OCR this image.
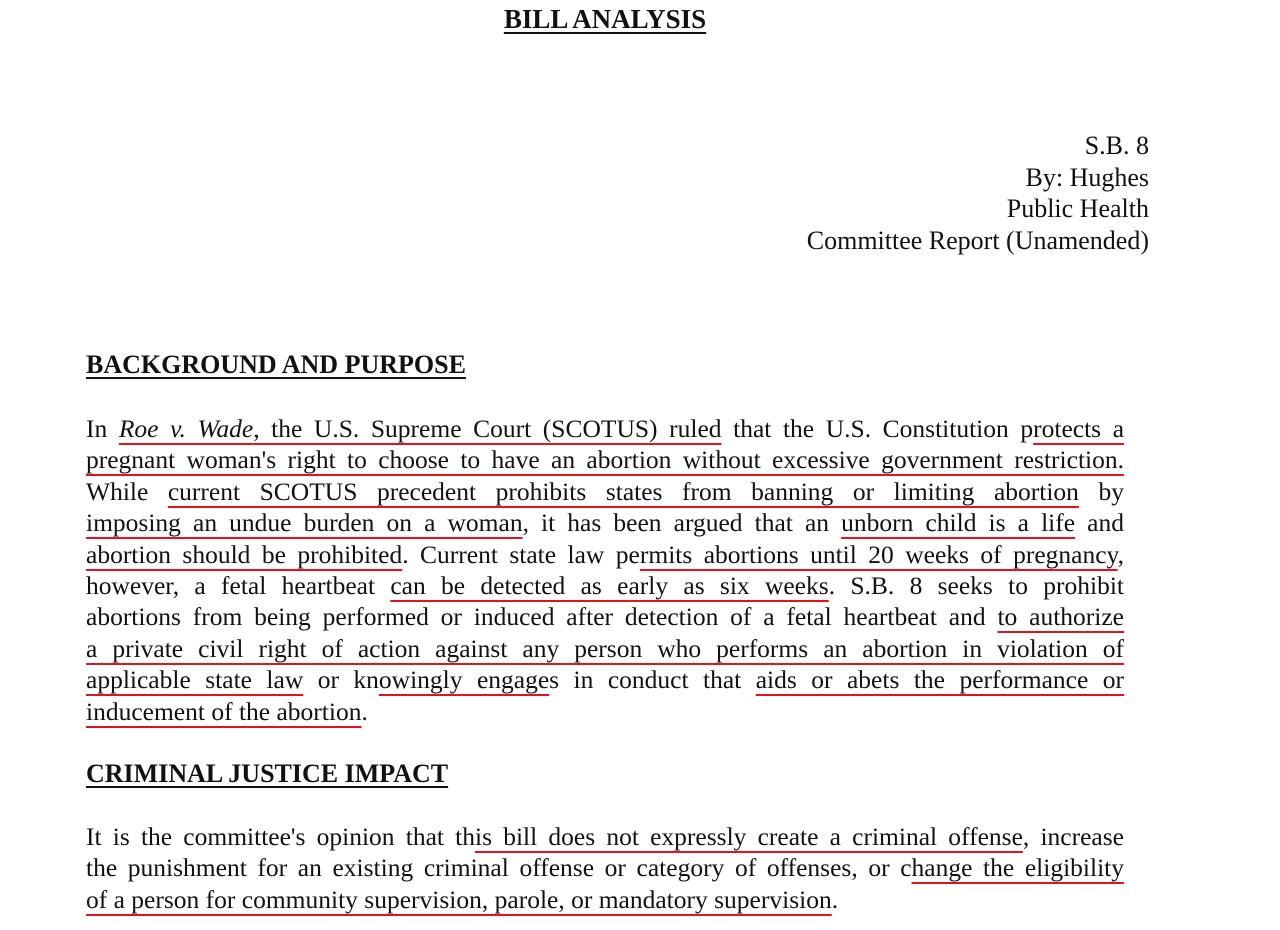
BILL ANALYSIS
S.B. 8
By: Hughes
Public Health
Committee Report (Unamended)
BACKGROUND AND PURPOSE
In Roe v. Wade, the U.S. Supreme Court (SCOTUS) ruled that the U.S. Constitution protects a
pregnant woman's right to choose to have an abortion without excessive government restriction.
While current SCOTUS precedent prohibits states from banning or limiting abortion by
imposing an undue burden on a woman, it has been argued that an unborn child is a life and
abortion should be prohibited. Current state law permits abortions until 20 weeks of pregnancy,
however, a fetal heartbeat can be detected as early as six weeks. S.B. 8 seeks to prohibit
abortions from being performed or induced after detection of a fetal heartbeat and to authorize
a private civil right of action against any person who performs an abortion in violation of
applicable state law or knowingly engages in conduct that aids or abets the performance or
inducement of the abortion.
CRIMINAL JUSTICE IMPACT
It is the committee's opinion that this bill does not expressly create a criminal offense, increase
the punishment for an existing criminal offense or category of offenses, or change the eligibility
of a person for community supervision, parole, or mandatory supervision.
